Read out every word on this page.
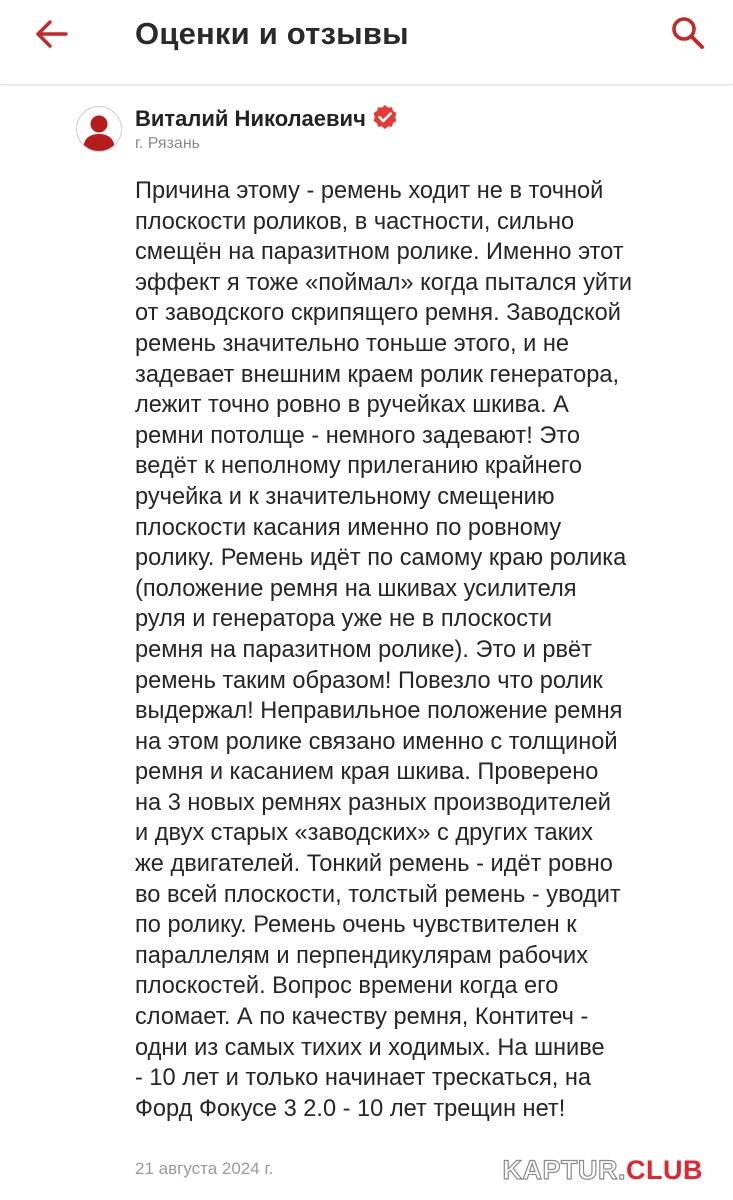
Оценки и отзывы
Виталий Николаевич
г. Рязань
Причина этому - ремень ходит не в точной
плоскости роликов, в частности, сильно
смещён на паразитном ролике. Именно этот
эффект я тоже «поймал» когда пытался уйти
от заводского скрипящего ремня. Заводской
ремень значительно тоньше этого, и не
задевает внешним краем ролик генератора,
лежит точно ровно в ручейках шкива. А
ремни потолще - немного задевают! Это
ведёт к неполному прилеганию крайнего
ручейка и к значительному смещению
плоскости касания именно по ровному
ролику. Ремень идёт по самому краю ролика
(положение ремня на шкивах усилителя
руля и генератора уже не в плоскости
ремня на паразитном ролике). Это и рвёт
ремень таким образом! Повезло что ролик
выдержал! Неправильное положение ремня
на этом ролике связано именно с толщиной
ремня и касанием края шкива. Проверено
на 3 новых ремнях разных производителей
и двух старых «заводских» с других таких
же двигателей. Тонкий ремень - идёт ровно
во всей плоскости, толстый ремень - уводит
по ролику. Ремень очень чувствителен к
параллелям и перпендикулярам рабочих
плоскостей. Вопрос времени когда его
сломает. А по качеству ремня, Контитеч -
одни из самых тихих и ходимых. На шниве
- 10 лет и только начинает трескаться, на
Форд Фокусе 3 2.0 - 10 лет трещин нет!
21 августа 2024 г.	KAPTUR.CLUB
